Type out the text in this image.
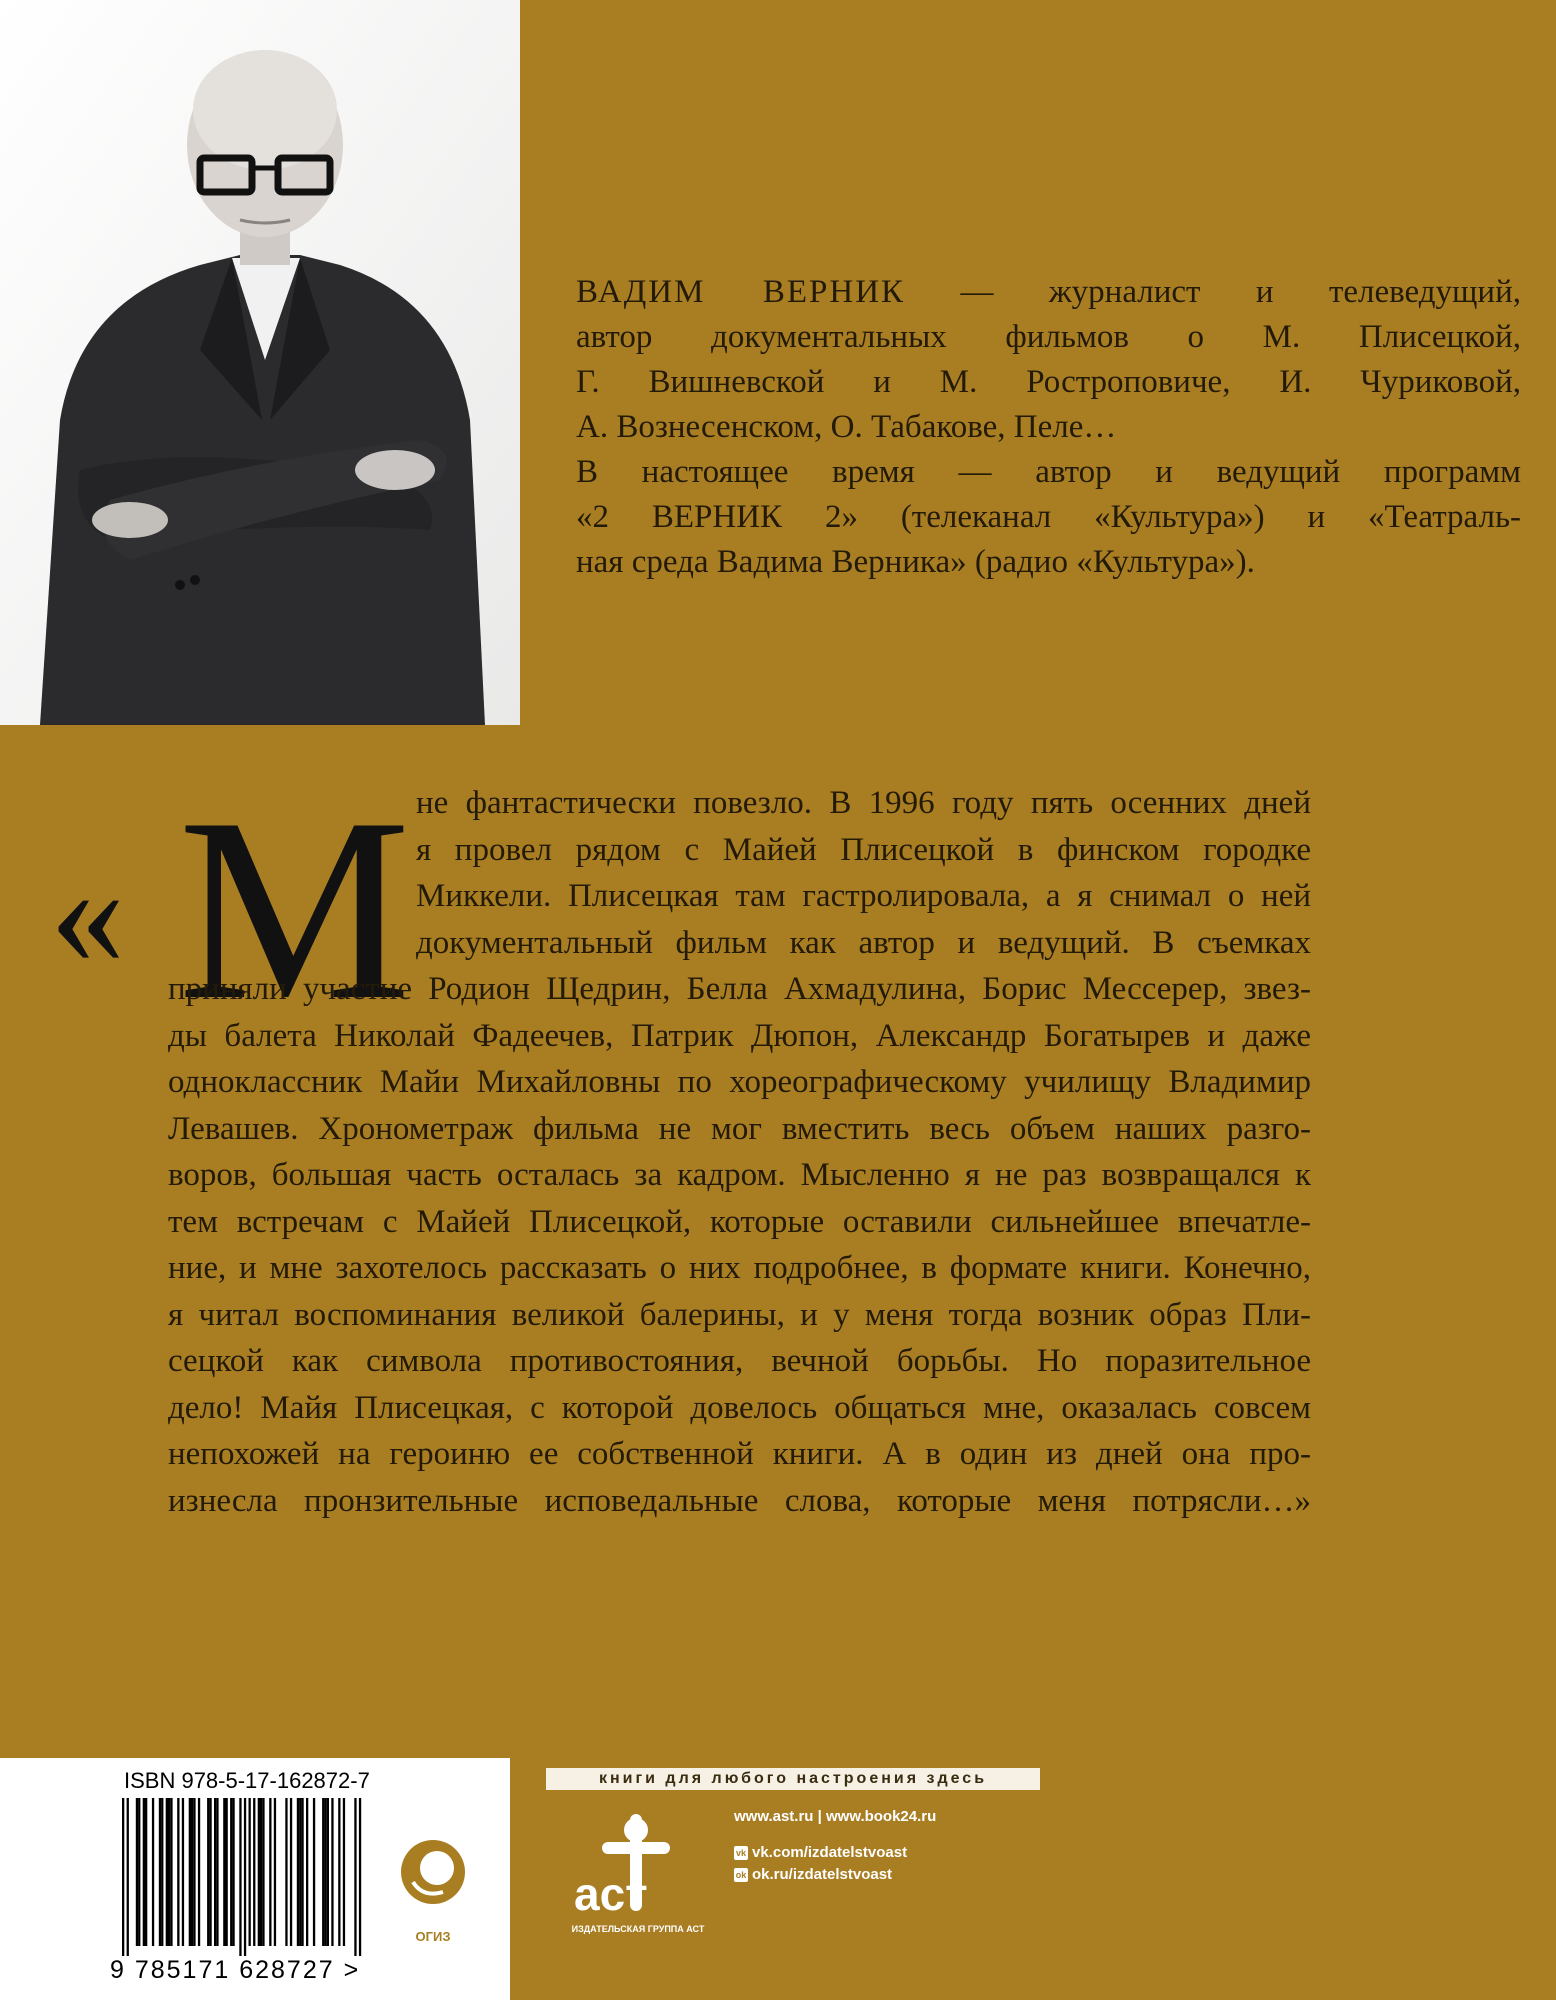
ВАДИМ ВЕРНИК — журналист и телеведущий,
автор документальных фильмов о М. Плисецкой,
Г. Вишневской и М. Ростроповиче, И. Чуриковой,
А. Вознесенском, О. Табакове, Пеле…
В настоящее время — автор и ведущий программ
«2 ВЕРНИК 2» (телеканал «Культура») и «Театраль-
ная среда Вадима Верника» (радио «Культура»).

« М не фантастически повезло. В 1996 году пять осенних дней
я провел рядом с Майей Плисецкой в финском городке
Миккели. Плисецкая там гастролировала, а я снимал о ней
документальный фильм как автор и ведущий. В съемках
приняли участие Родион Щедрин, Белла Ахмадулина, Борис Мессерер, звез-
ды балета Николай Фадеечев, Патрик Дюпон, Александр Богатырев и даже
одноклассник Майи Михайловны по хореографическому училищу Владимир
Левашев. Хронометраж фильма не мог вместить весь объем наших разго-
воров, большая часть осталась за кадром. Мысленно я не раз возвращался к
тем встречам с Майей Плисецкой, которые оставили сильнейшее впечатле-
ние, и мне захотелось рассказать о них подробнее, в формате книги. Конечно,
я читал воспоминания великой балерины, и у меня тогда возник образ Пли-
сецкой как символа противостояния, вечной борьбы. Но поразительное
дело! Майя Плисецкая, с которой довелось общаться мне, оказалась совсем
непохожей на героиню ее собственной книги. А в один из дней она про-
изнесла пронзительные исповедальные слова, которые меня потрясли…»
ISBN 978-5-17-162872-7
9 785171 628727 >
ОГИЗ
книги для любого настроения здесь
аст
ИЗДАТЕЛЬСКАЯ ГРУППА АСТ
www.ast.ru | www.book24.ru
vk vk.com/izdatelstvoast
ok ok.ru/izdatelstvoast
